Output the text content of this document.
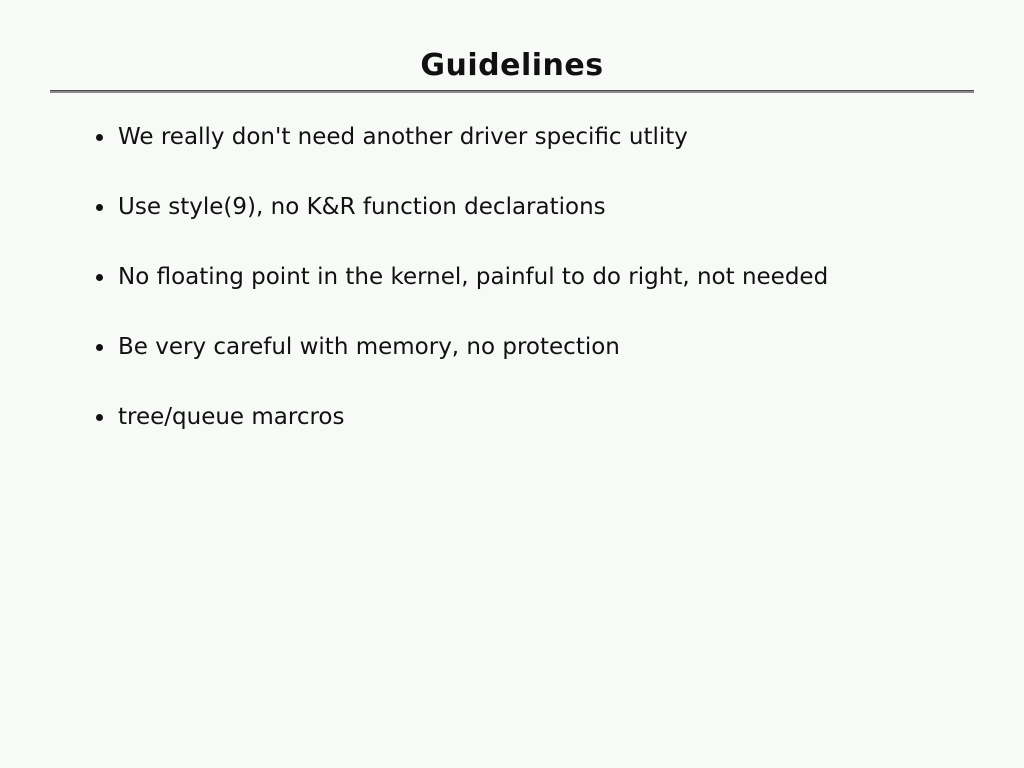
Guidelines
We really don't need another driver specific utlity
Use style(9), no K&R function declarations
No floating point in the kernel, painful to do right, not needed
Be very careful with memory, no protection
tree/queue marcros
